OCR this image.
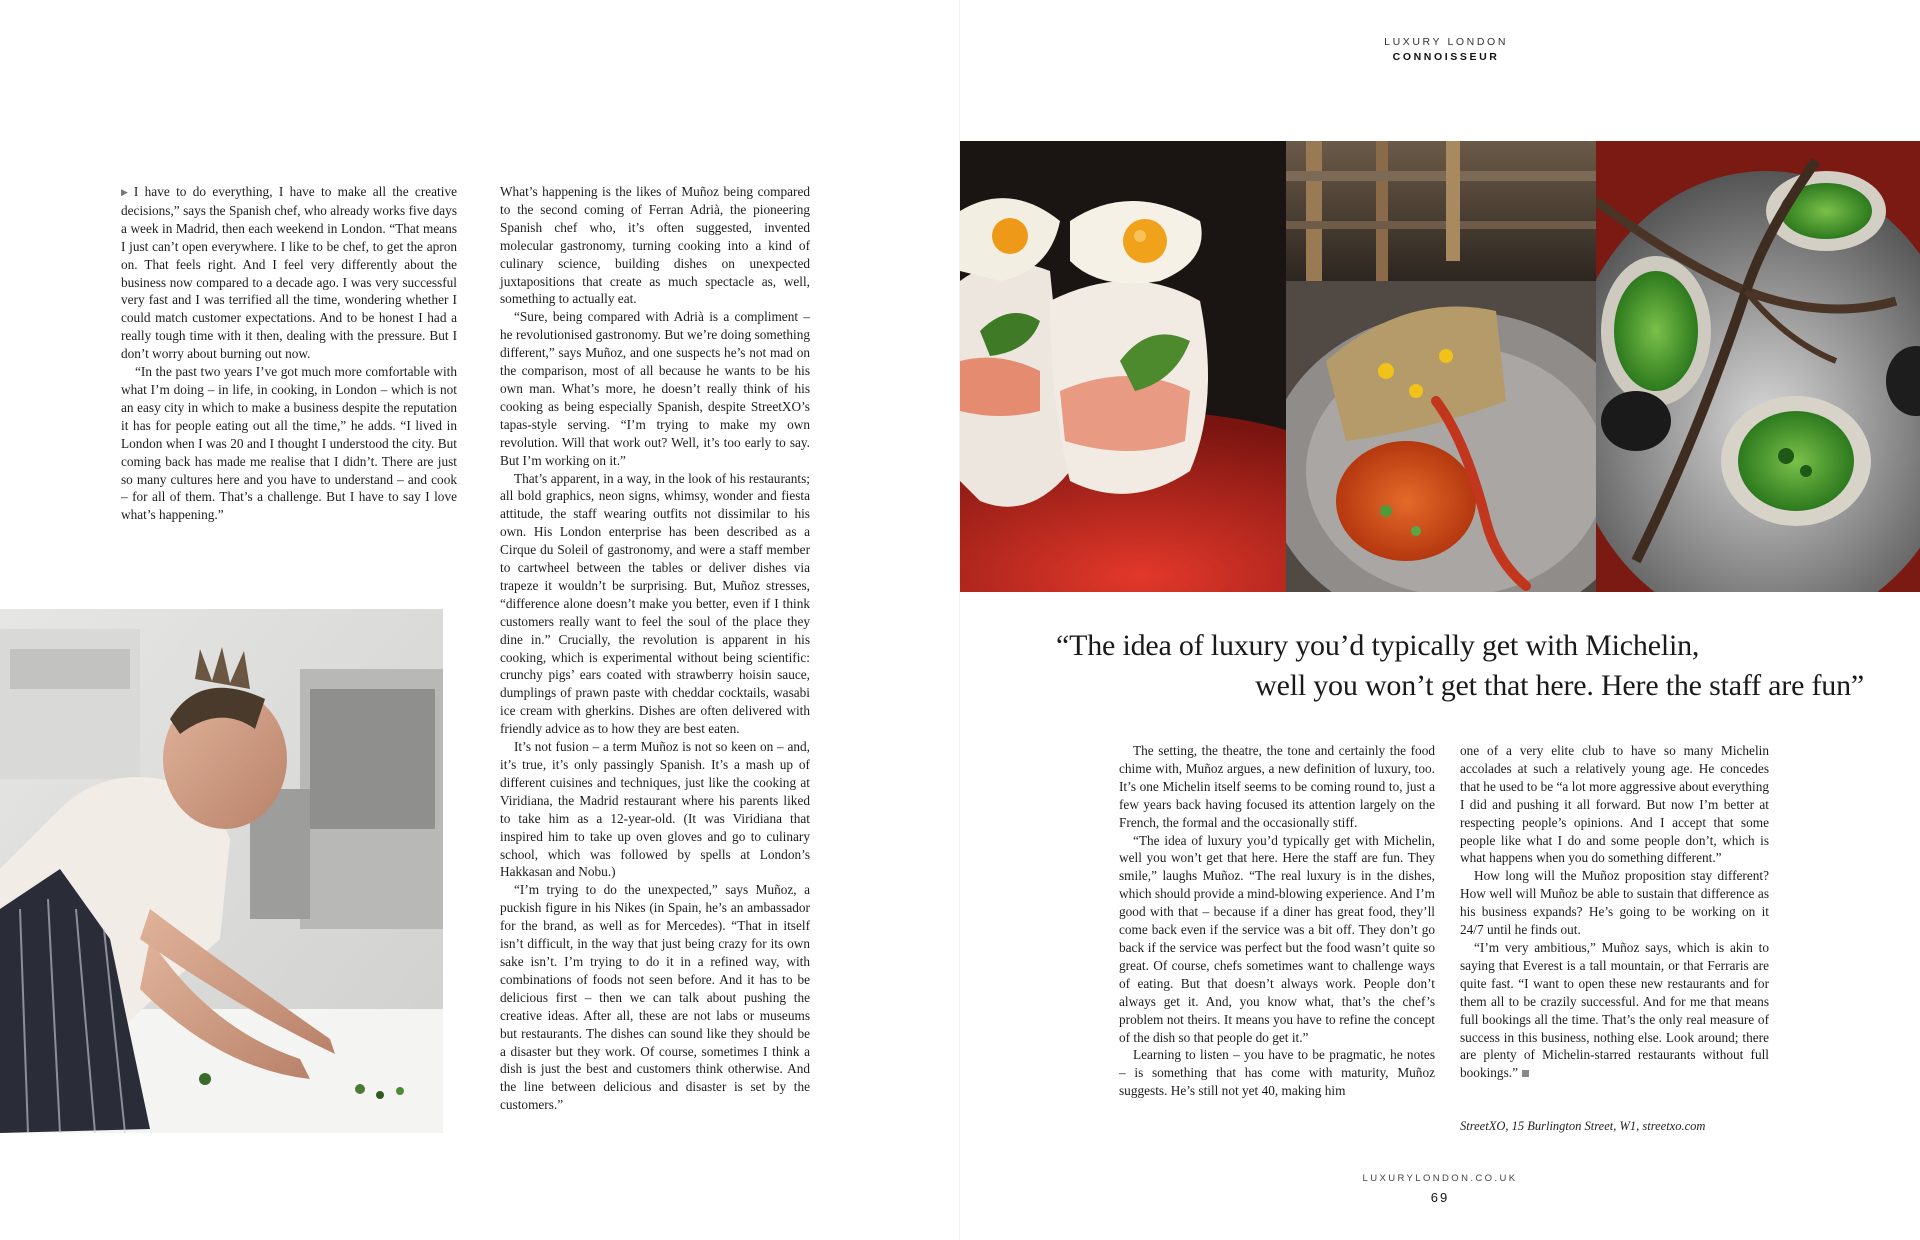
LUXURY LONDON
CONNOISSEUR

▶ I have to do everything, I have to make all the creative decisions,” says the Spanish chef, who already works five days a week in Madrid, then each weekend in London. “That means I just can’t open everywhere. I like to be chef, to get the apron on. That feels right. And I feel very differently about the business now compared to a decade ago. I was very successful very fast and I was terrified all the time, wondering whether I could match customer expectations. And to be honest I had a really tough time with it then, dealing with the pressure. But I don’t worry about burning out now.

“In the past two years I’ve got much more comfortable with what I’m doing – in life, in cooking, in London – which is not an easy city in which to make a business despite the reputation it has for people eating out all the time,” he adds. “I lived in London when I was 20 and I thought I understood the city. But coming back has made me realise that I didn’t. There are just so many cultures here and you have to understand – and cook – for all of them. That’s a challenge. But I have to say I love what’s happening.”

What’s happening is the likes of Muñoz being compared to the second coming of Ferran Adrià, the pioneering Spanish chef who, it’s often suggested, invented molecular gastronomy, turning cooking into a kind of culinary science, building dishes on unexpected juxtapositions that create as much spectacle as, well, something to actually eat.

“Sure, being compared with Adrià is a compliment – he revolutionised gastronomy. But we’re doing something different,” says Muñoz, and one suspects he’s not mad on the comparison, most of all because he wants to be his own man. What’s more, he doesn’t really think of his cooking as being especially Spanish, despite StreetXO’s tapas-style serving. “I’m trying to make my own revolution. Will that work out? Well, it’s too early to say. But I’m working on it.”

That’s apparent, in a way, in the look of his restaurants; all bold graphics, neon signs, whimsy, wonder and fiesta attitude, the staff wearing outfits not dissimilar to his own. His London enterprise has been described as a Cirque du Soleil of gastronomy, and were a staff member to cartwheel between the tables or deliver dishes via trapeze it wouldn’t be surprising. But, Muñoz stresses, “difference alone doesn’t make you better, even if I think customers really want to feel the soul of the place they dine in.” Crucially, the revolution is apparent in his cooking, which is experimental without being scientific: crunchy pigs’ ears coated with strawberry hoisin sauce, dumplings of prawn paste with cheddar cocktails, wasabi ice cream with gherkins. Dishes are often delivered with friendly advice as to how they are best eaten.

It’s not fusion – a term Muñoz is not so keen on – and, it’s true, it’s only passingly Spanish. It’s a mash up of different cuisines and techniques, just like the cooking at Viridiana, the Madrid restaurant where his parents liked to take him as a 12-year-old. (It was Viridiana that inspired him to take up oven gloves and go to culinary school, which was followed by spells at London’s Hakkasan and Nobu.)

“I’m trying to do the unexpected,” says Muñoz, a puckish figure in his Nikes (in Spain, he’s an ambassador for the brand, as well as for Mercedes). “That in itself isn’t difficult, in the way that just being crazy for its own sake isn’t. I’m trying to do it in a refined way, with combinations of foods not seen before. And it has to be delicious first – then we can talk about pushing the creative ideas. After all, these are not labs or museums but restaurants. The dishes can sound like they should be a disaster but they work. Of course, sometimes I think a dish is just the best and customers think otherwise. And the line between delicious and disaster is set by the customers.”

“The idea of luxury you’d typically get with Michelin,
well you won’t get that here. Here the staff are fun”

The setting, the theatre, the tone and certainly the food chime with, Muñoz argues, a new definition of luxury, too. It’s one Michelin itself seems to be coming round to, just a few years back having focused its attention largely on the French, the formal and the occasionally stiff.

“The idea of luxury you’d typically get with Michelin, well you won’t get that here. Here the staff are fun. They smile,” laughs Muñoz. “The real luxury is in the dishes, which should provide a mind-blowing experience. And I’m good with that – because if a diner has great food, they’ll come back even if the service was a bit off. They don’t go back if the service was perfect but the food wasn’t quite so great. Of course, chefs sometimes want to challenge ways of eating. But that doesn’t always work. People don’t always get it. And, you know what, that’s the chef’s problem not theirs. It means you have to refine the concept of the dish so that people do get it.”

Learning to listen – you have to be pragmatic, he notes – is something that has come with maturity, Muñoz suggests. He’s still not yet 40, making him

one of a very elite club to have so many Michelin accolades at such a relatively young age. He concedes that he used to be “a lot more aggressive about everything I did and pushing it all forward. But now I’m better at respecting people’s opinions. And I accept that some people like what I do and some people don’t, which is what happens when you do something different.”

How long will the Muñoz proposition stay different? How well will Muñoz be able to sustain that difference as his business expands? He’s going to be working on it 24/7 until he finds out.

“I’m very ambitious,” Muñoz says, which is akin to saying that Everest is a tall mountain, or that Ferraris are quite fast. “I want to open these new restaurants and for them all to be crazily successful. And for me that means full bookings all the time. That’s the only real measure of success in this business, nothing else. Look around; there are plenty of Michelin-starred restaurants without full bookings.”

StreetXO, 15 Burlington Street, W1, streetxo.com
LUXURYLONDON.CO.UK
69
